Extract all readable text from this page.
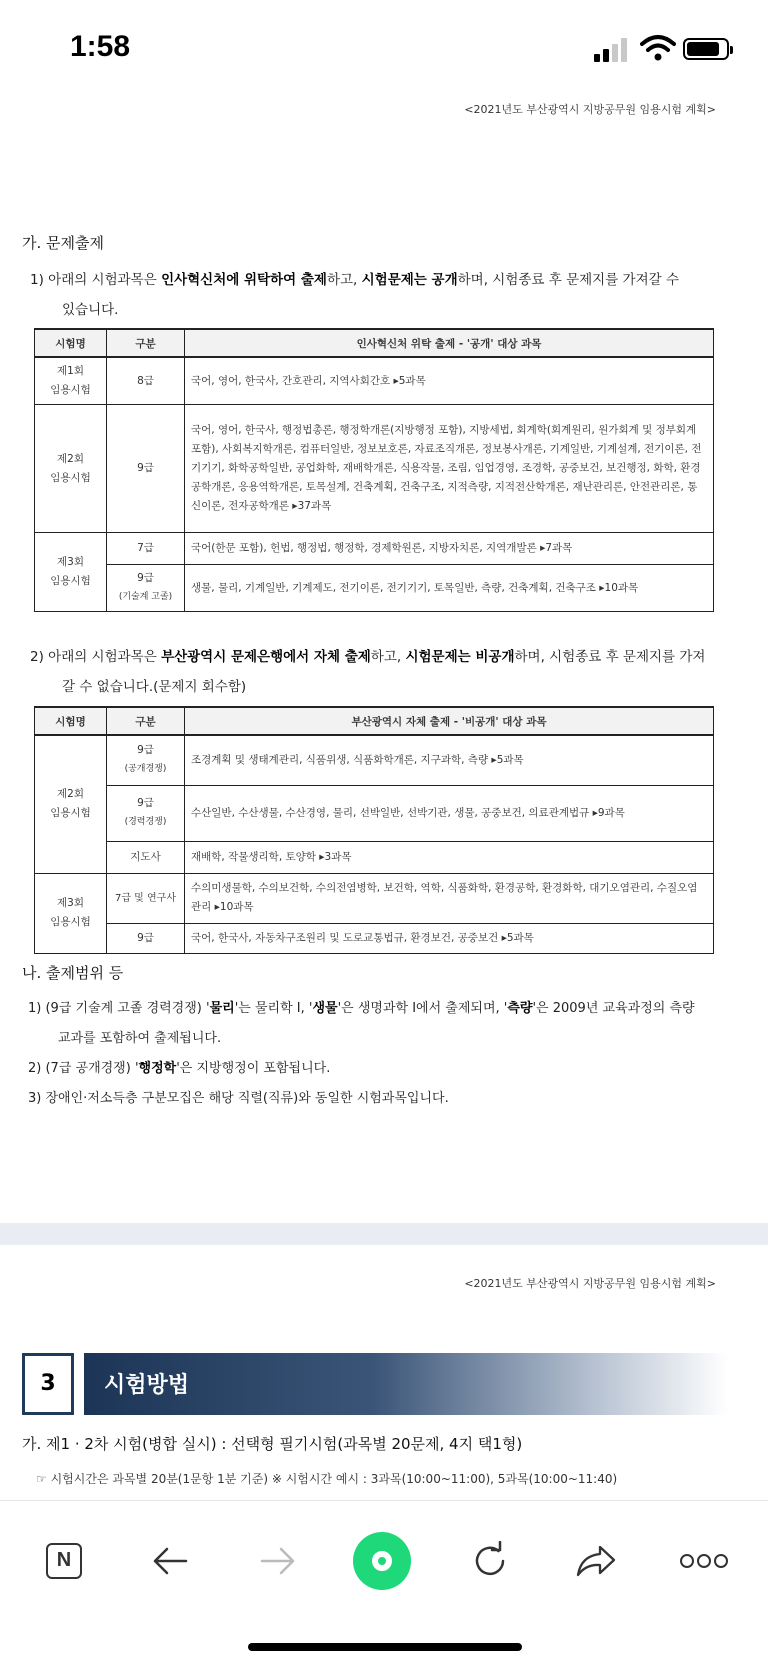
1:58
<2021년도 부산광역시 지방공무원 임용시험 계획>
가. 문제출제
1) 아래의 시험과목은 인사혁신처에 위탁하여 출제하고, 시험문제는 공개하며, 시험종료 후 문제지를 가져갈 수
있습니다.
시험명	구분	인사혁신처 위탁 출제 - '공개' 대상 과목
제1회
임용시험	8급	국어, 영어, 한국사, 간호관리, 지역사회간호 ▸5과목
제2회
임용시험	9급	국어, 영어, 한국사, 행정법총론, 행정학개론(지방행정 포함), 지방세법, 회계학(회계원리, 원가회계 및 정부회계 포함), 사회복지학개론, 컴퓨터일반, 정보보호론, 자료조직개론, 정보봉사개론, 기계일반, 기계설계, 전기이론, 전기기기, 화학공학일반, 공업화학, 재배학개론, 식용작물, 조림, 임업경영, 조경학, 공중보건, 보건행정, 화학, 환경공학개론, 응용역학개론, 토목설계, 건축계획, 건축구조, 지적측량, 지적전산학개론, 재난관리론, 안전관리론, 통신이론, 전자공학개론 ▸37과목
제3회
임용시험	7급	국어(한문 포함), 헌법, 행정법, 행정학, 경제학원론, 지방자치론, 지역개발론 ▸7과목
	9급
(기술계 고졸)	생물, 물리, 기계일반, 기계제도, 전기이론, 전기기기, 토목일반, 측량, 건축계획, 건축구조 ▸10과목
2) 아래의 시험과목은 부산광역시 문제은행에서 자체 출제하고, 시험문제는 비공개하며, 시험종료 후 문제지를 가져
갈 수 없습니다.(문제지 회수함)
시험명	구분	부산광역시 자체 출제 - '비공개' 대상 과목
제2회
임용시험	9급
(공개경쟁)	조경계획 및 생태계관리, 식품위생, 식품화학개론, 지구과학, 측량 ▸5과목
	9급
(경력경쟁)	수산일반, 수산생물, 수산경영, 물리, 선박일반, 선박기관, 생물, 공중보건, 의료관계법규 ▸9과목
	지도사	재배학, 작물생리학, 토양학 ▸3과목
제3회
임용시험	7급 및 연구사	수의미생물학, 수의보건학, 수의전염병학, 보건학, 역학, 식품화학, 환경공학, 환경화학, 대기오염관리, 수질오염관리 ▸10과목
	9급	국어, 한국사, 자동차구조원리 및 도로교통법규, 환경보건, 공중보건 ▸5과목
나. 출제범위 등
1) (9급 기술계 고졸 경력경쟁) '물리'는 물리학 Ⅰ, '생물'은 생명과학 Ⅰ에서 출제되며, '측량'은 2009년 교육과정의 측량
교과를 포함하여 출제됩니다.
2) (7급 공개경쟁) '행정학'은 지방행정이 포함됩니다.
3) 장애인·저소득층 구분모집은 해당 직렬(직류)와 동일한 시험과목입니다.
<2021년도 부산광역시 지방공무원 임용시험 계획>
3	시험방법
가. 제1 · 2차 시험(병합 실시) : 선택형 필기시험(과목별 20문제, 4지 택1형)
☞ 시험시간은 과목별 20분(1문항 1분 기준) ※ 시험시간 예시 : 3과목(10:00~11:00), 5과목(10:00~11:40)
N
